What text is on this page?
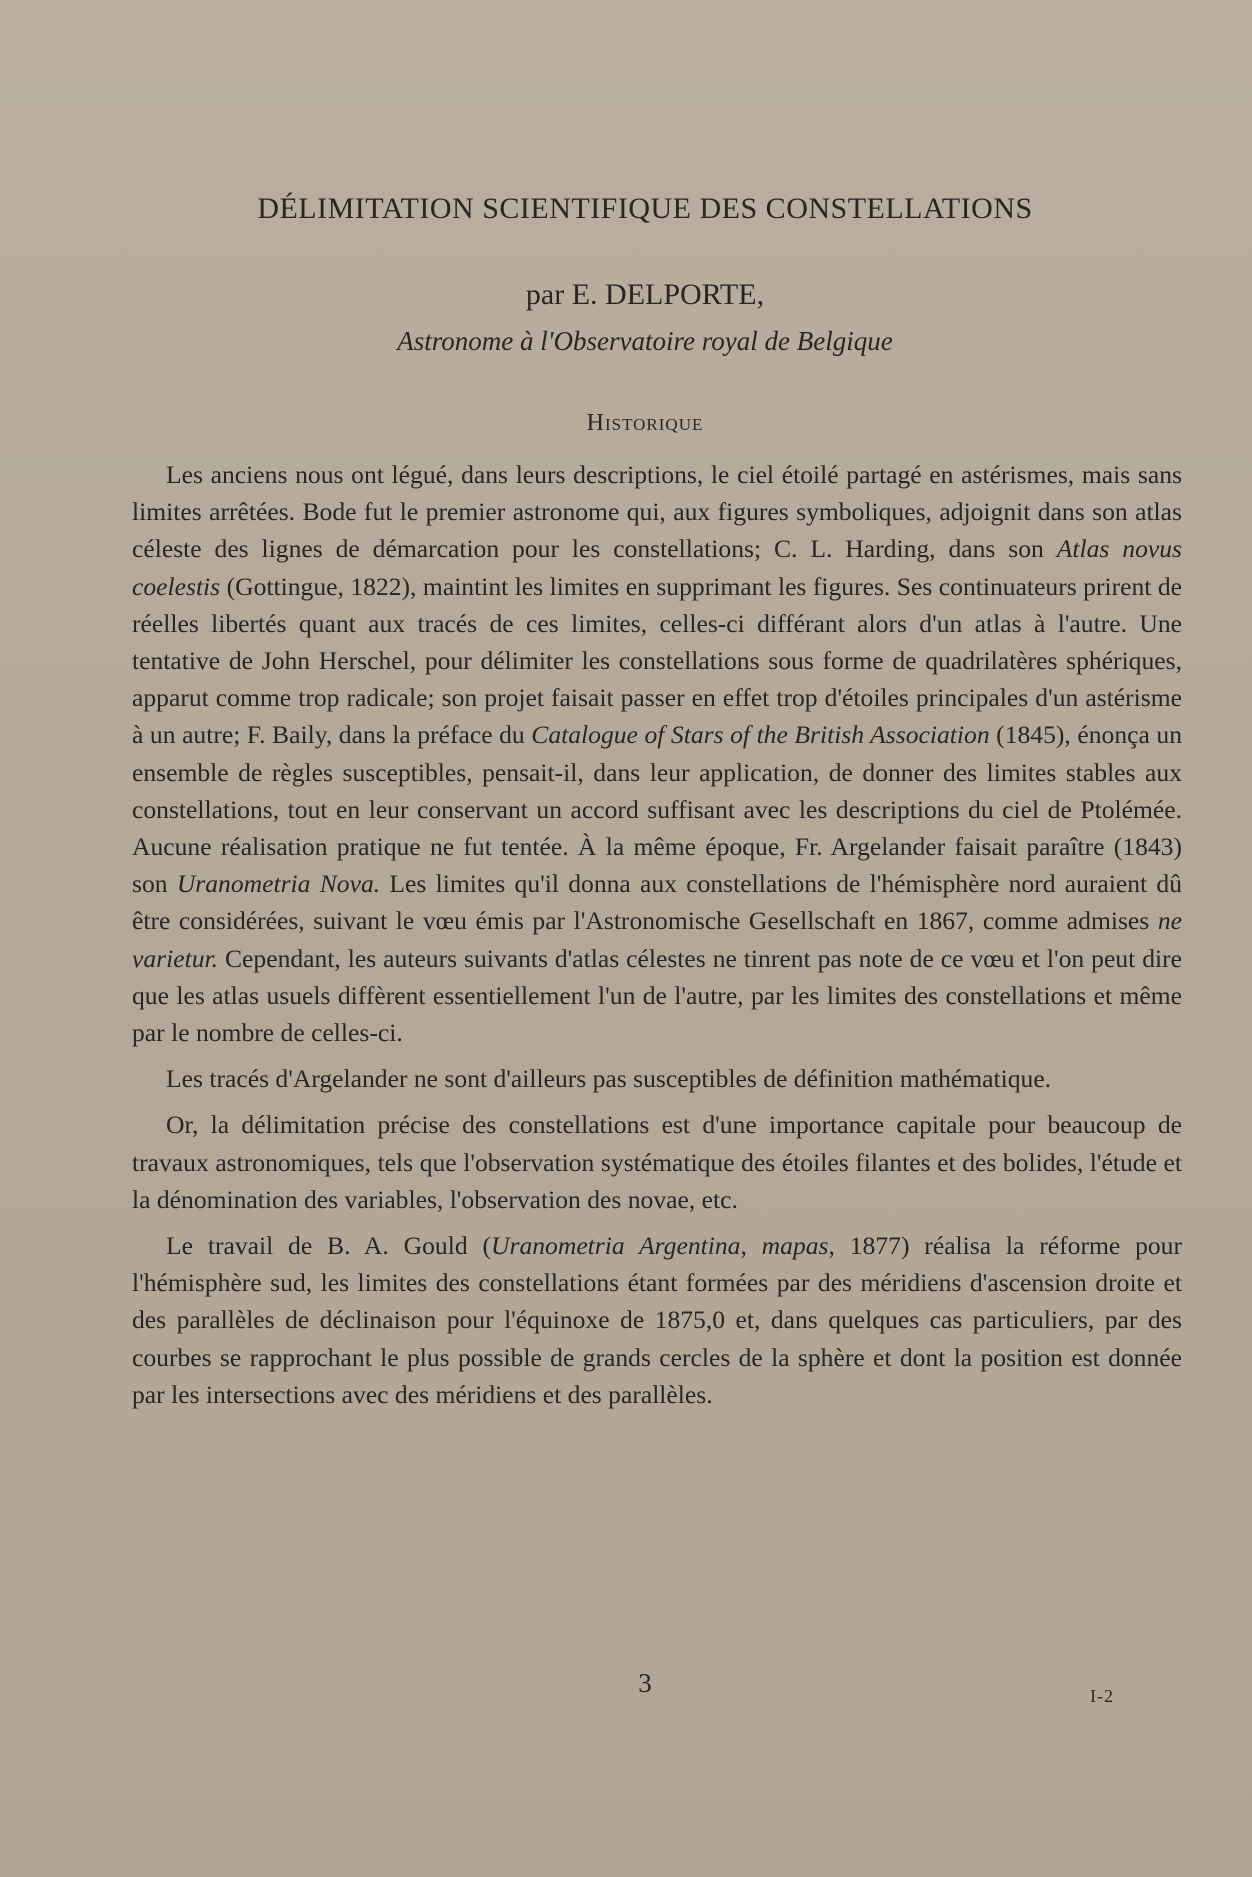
DÉLIMITATION SCIENTIFIQUE DES CONSTELLATIONS
par E. DELPORTE,
Astronome à l'Observatoire royal de Belgique
Historique

Les anciens nous ont légué, dans leurs descriptions, le ciel étoilé partagé en astérismes, mais sans limites arrêtées. Bode fut le premier astronome qui, aux figures symboliques, adjoignit dans son atlas céleste des lignes de démarcation pour les constellations; C. L. Harding, dans son Atlas novus coelestis (Gottingue, 1822), maintint les limites en supprimant les figures. Ses continuateurs prirent de réelles libertés quant aux tracés de ces limites, celles-ci différant alors d'un atlas à l'autre. Une tentative de John Herschel, pour délimiter les constellations sous forme de quadrilatères sphériques, apparut comme trop radicale; son projet faisait passer en effet trop d'étoiles principales d'un astérisme à un autre; F. Baily, dans la préface du Catalogue of Stars of the British Association (1845), énonça un ensemble de règles susceptibles, pensait-il, dans leur application, de donner des limites stables aux constellations, tout en leur conservant un accord suffisant avec les descriptions du ciel de Ptolémée. Aucune réalisation pratique ne fut tentée. À la même époque, Fr. Argelander faisait paraître (1843) son Uranometria Nova. Les limites qu'il donna aux constellations de l'hémisphère nord auraient dû être considérées, suivant le vœu émis par l'Astronomische Gesellschaft en 1867, comme admises ne varietur. Cependant, les auteurs suivants d'atlas célestes ne tinrent pas note de ce vœu et l'on peut dire que les atlas usuels diffèrent essentiellement l'un de l'autre, par les limites des constellations et même par le nombre de celles-ci.

Les tracés d'Argelander ne sont d'ailleurs pas susceptibles de définition mathématique.

Or, la délimitation précise des constellations est d'une importance capitale pour beaucoup de travaux astronomiques, tels que l'observation systématique des étoiles filantes et des bolides, l'étude et la dénomination des variables, l'observation des novae, etc.

Le travail de B. A. Gould (Uranometria Argentina, mapas, 1877) réalisa la réforme pour l'hémisphère sud, les limites des constellations étant formées par des méridiens d'ascension droite et des parallèles de déclinaison pour l'équinoxe de 1875,0 et, dans quelques cas particuliers, par des courbes se rapprochant le plus possible de grands cercles de la sphère et dont la position est donnée par les intersections avec des méridiens et des parallèles.

3	I-2
